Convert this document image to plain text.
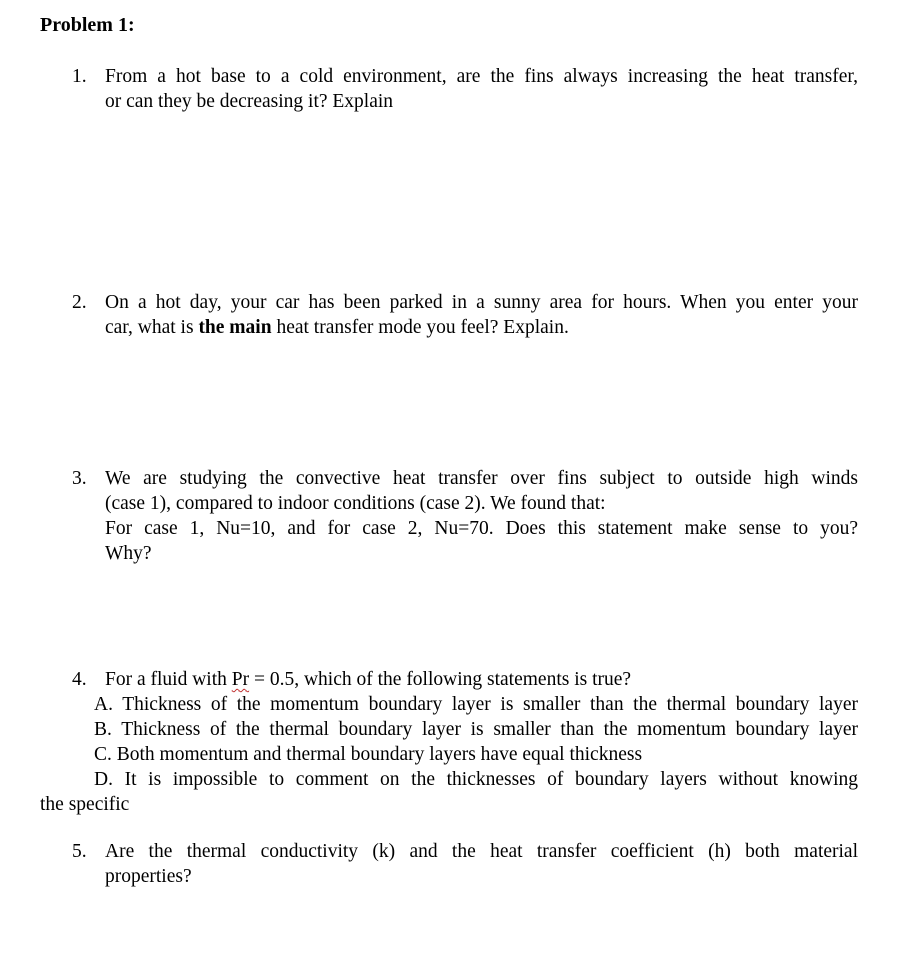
Problem 1:
1. From a hot base to a cold environment, are the fins always increasing the heat transfer,
or can they be decreasing it? Explain
2. On a hot day, your car has been parked in a sunny area for hours. When you enter your
car, what is the main heat transfer mode you feel? Explain.
3. We are studying the convective heat transfer over fins subject to outside high winds
(case 1), compared to indoor conditions (case 2). We found that:
For case 1, Nu=10, and for case 2, Nu=70. Does this statement make sense to you?
Why?
4. For a fluid with Pr = 0.5, which of the following statements is true?
A. Thickness of the momentum boundary layer is smaller than the thermal boundary layer
B. Thickness of the thermal boundary layer is smaller than the momentum boundary layer
C. Both momentum and thermal boundary layers have equal thickness
D. It is impossible to comment on the thicknesses of boundary layers without knowing
the specific
5. Are the thermal conductivity (k) and the heat transfer coefficient (h) both material
properties?
